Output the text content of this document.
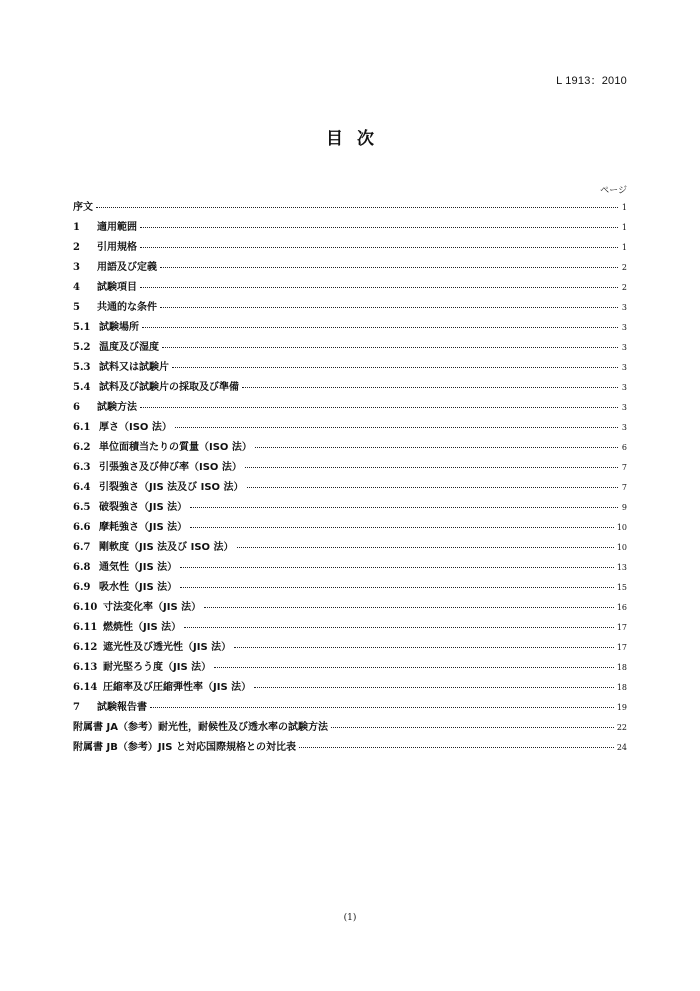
L 1913：2010
目次
ページ
序文	1
1	適用範囲	1
2	引用規格	1
3	用語及び定義	2
4	試験項目	2
5	共通的な条件	3
5.1 試験場所	3
5.2 温度及び湿度	3
5.3 試料又は試験片	3
5.4 試料及び試験片の採取及び準備	3
6	試験方法	3
6.1 厚さ（ISO 法）	3
6.2 単位面積当たりの質量（ISO 法）	6
6.3 引張強さ及び伸び率（ISO 法）	7
6.4 引裂強さ（JIS 法及び ISO 法）	7
6.5 破裂強さ（JIS 法）	9
6.6 摩耗強さ（JIS 法）	10
6.7 剛軟度（JIS 法及び ISO 法）	10
6.8 通気性（JIS 法）	13
6.9 吸水性（JIS 法）	15
6.10 寸法変化率（JIS 法）	16
6.11 燃焼性（JIS 法）	17
6.12 遮光性及び透光性（JIS 法）	17
6.13 耐光堅ろう度（JIS 法）	18
6.14 圧縮率及び圧縮弾性率（JIS 法）	18
7	試験報告書	19
附属書 JA（参考）耐光性，耐候性及び透水率の試験方法	22
附属書 JB（参考）JIS と対応国際規格との対比表	24
(1)
